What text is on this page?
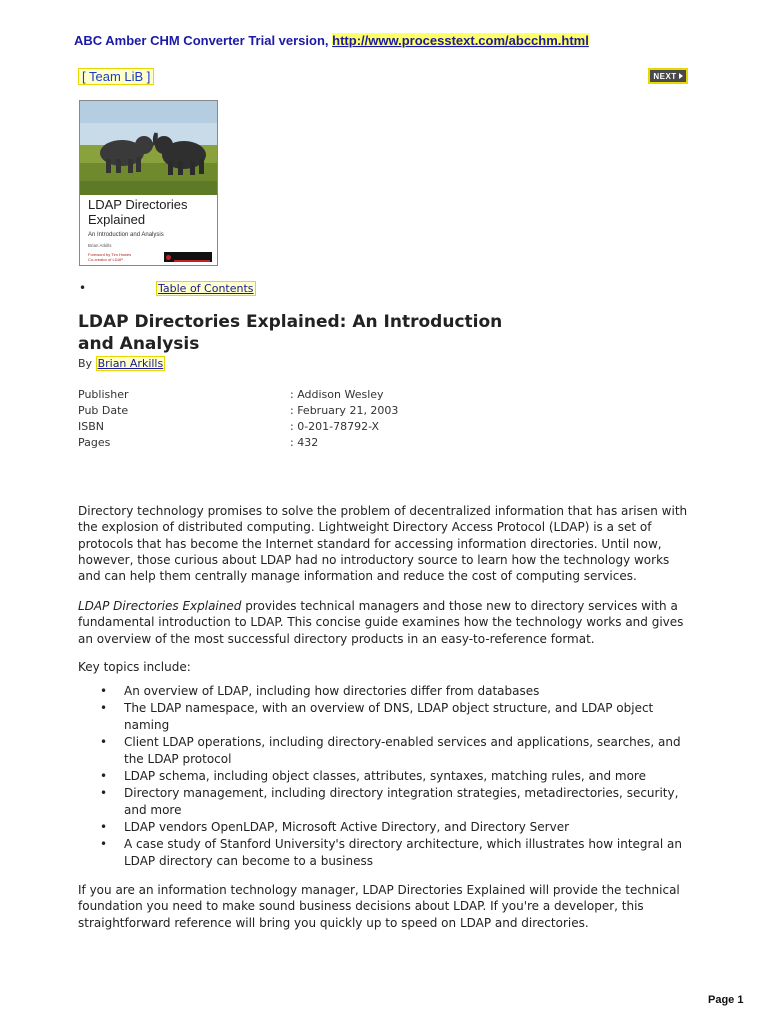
ABC Amber CHM Converter Trial version, http://www.processtext.com/abcchm.html
[ Team LiB ]	NEXT
LDAP Directories
Explained
An Introduction and Analysis
Brian Arkills
Foreword by Tim Howes
Co-creator of LDAP
•	Table of Contents
LDAP Directories Explained: An Introduction and Analysis
By Brian Arkills
Publisher	: Addison Wesley
Pub Date	: February 21, 2003
ISBN	: 0-201-78792-X
Pages	: 432

Directory technology promises to solve the problem of decentralized information that has arisen with the explosion of distributed computing. Lightweight Directory Access Protocol (LDAP) is a set of protocols that has become the Internet standard for accessing information directories. Until now, however, those curious about LDAP had no introductory source to learn how the technology works and can help them centrally manage information and reduce the cost of computing services.

LDAP Directories Explained provides technical managers and those new to directory services with a fundamental introduction to LDAP. This concise guide examines how the technology works and gives an overview of the most successful directory products in an easy-to-reference format.

Key topics include:
• An overview of LDAP, including how directories differ from databases
• The LDAP namespace, with an overview of DNS, LDAP object structure, and LDAP object naming
• Client LDAP operations, including directory-enabled services and applications, searches, and the LDAP protocol
• LDAP schema, including object classes, attributes, syntaxes, matching rules, and more
• Directory management, including directory integration strategies, metadirectories, security, and more
• LDAP vendors OpenLDAP, Microsoft Active Directory, and Directory Server
• A case study of Stanford University's directory architecture, which illustrates how integral an LDAP directory can become to a business

If you are an information technology manager, LDAP Directories Explained will provide the technical foundation you need to make sound business decisions about LDAP. If you're a developer, this straightforward reference will bring you quickly up to speed on LDAP and directories.

Page 1
